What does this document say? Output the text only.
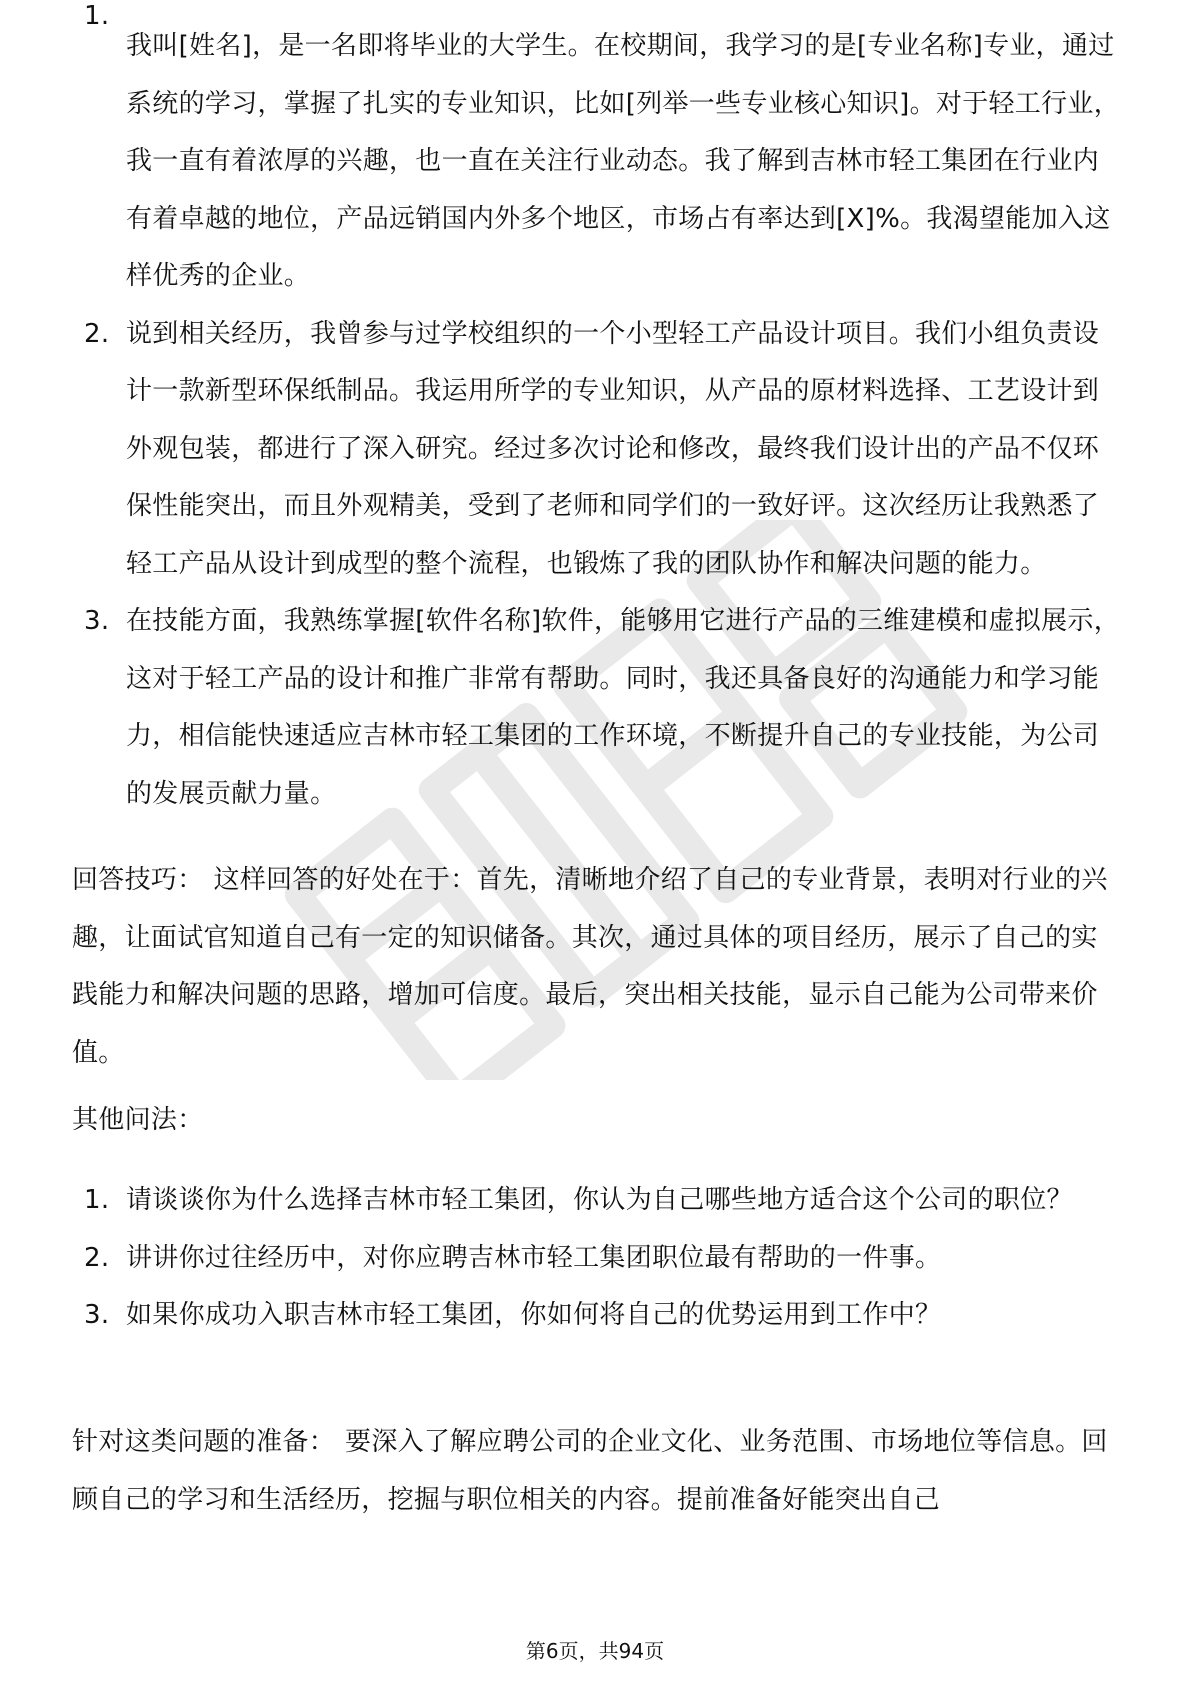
1.
我叫[姓名]，是一名即将毕业的大学生。在校期间，我学习的是[专业名称]专业，通过系统的学习，掌握了扎实的专业知识，比如[列举一些专业核心知识]。对于轻工行业，我一直有着浓厚的兴趣，也一直在关注行业动态。我了解到吉林市轻工集团在行业内有着卓越的地位，产品远销国内外多个地区，市场占有率达到[X]%。我渴望能加入这样优秀的企业。
2. 说到相关经历，我曾参与过学校组织的一个小型轻工产品设计项目。我们小组负责设计一款新型环保纸制品。我运用所学的专业知识，从产品的原材料选择、工艺设计到外观包装，都进行了深入研究。经过多次讨论和修改，最终我们设计出的产品不仅环保性能突出，而且外观精美，受到了老师和同学们的一致好评。这次经历让我熟悉了轻工产品从设计到成型的整个流程，也锻炼了我的团队协作和解决问题的能力。
3. 在技能方面，我熟练掌握[软件名称]软件，能够用它进行产品的三维建模和虚拟展示，这对于轻工产品的设计和推广非常有帮助。同时，我还具备良好的沟通能力和学习能力，相信能快速适应吉林市轻工集团的工作环境，不断提升自己的专业技能，为公司的发展贡献力量。
回答技巧： 这样回答的好处在于：首先，清晰地介绍了自己的专业背景，表明对行业的兴趣，让面试官知道自己有一定的知识储备。其次，通过具体的项目经历，展示了自己的实践能力和解决问题的思路，增加可信度。最后，突出相关技能，显示自己能为公司带来价值。
其他问法：
1. 请谈谈你为什么选择吉林市轻工集团，你认为自己哪些地方适合这个公司的职位？
2. 讲讲你过往经历中，对你应聘吉林市轻工集团职位最有帮助的一件事。
3. 如果你成功入职吉林市轻工集团，你如何将自己的优势运用到工作中？
针对这类问题的准备： 要深入了解应聘公司的企业文化、业务范围、市场地位等信息。回顾自己的学习和生活经历，挖掘与职位相关的内容。提前准备好能突出自己
第6页，共94页
